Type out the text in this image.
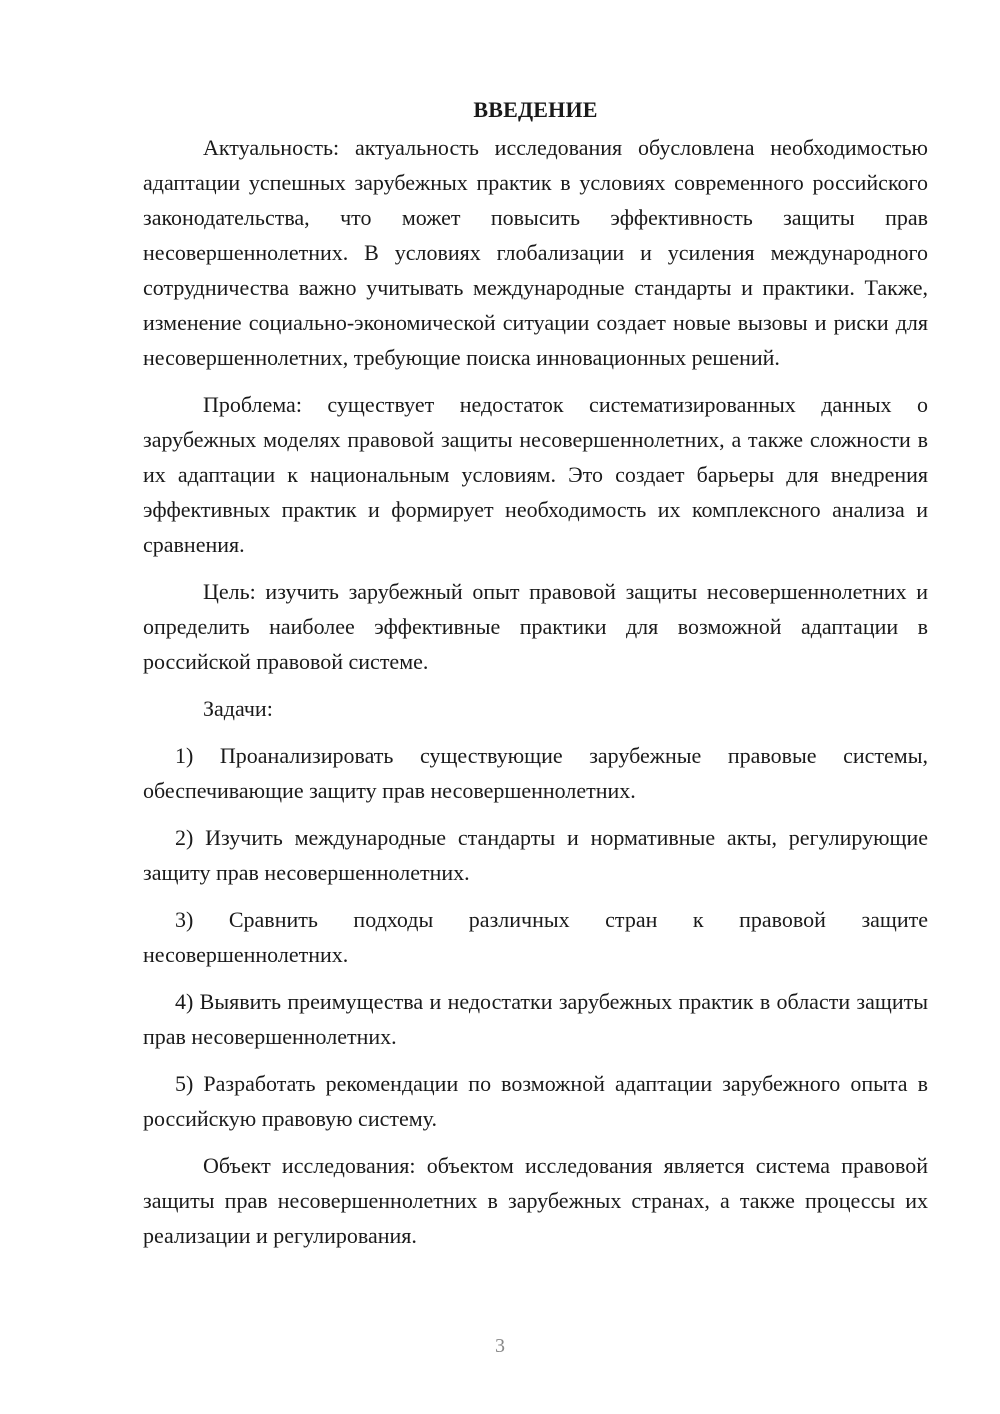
ВВЕДЕНИЕ

Актуальность: актуальность исследования обусловлена необходимостью адаптации успешных зарубежных практик в условиях современного российского законодательства, что может повысить эффективность защиты прав несовершеннолетних. В условиях глобализации и усиления международного сотрудничества важно учитывать международные стандарты и практики. Также, изменение социально-экономической ситуации создает новые вызовы и риски для несовершеннолетних, требующие поиска инновационных решений.

Проблема: существует недостаток систематизированных данных о зарубежных моделях правовой защиты несовершеннолетних, а также сложности в их адаптации к национальным условиям. Это создает барьеры для внедрения эффективных практик и формирует необходимость их комплексного анализа и сравнения.

Цель: изучить зарубежный опыт правовой защиты несовершеннолетних и определить наиболее эффективные практики для возможной адаптации в российской правовой системе.

Задачи:

1) Проанализировать существующие зарубежные правовые системы, обеспечивающие защиту прав несовершеннолетних.

2) Изучить международные стандарты и нормативные акты, регулирующие защиту прав несовершеннолетних.

3) Сравнить подходы различных стран к правовой защите несовершеннолетних.

4) Выявить преимущества и недостатки зарубежных практик в области защиты прав несовершеннолетних.

5) Разработать рекомендации по возможной адаптации зарубежного опыта в российскую правовую систему.

Объект исследования: объектом исследования является система правовой защиты прав несовершеннолетних в зарубежных странах, а также процессы их реализации и регулирования.

3
